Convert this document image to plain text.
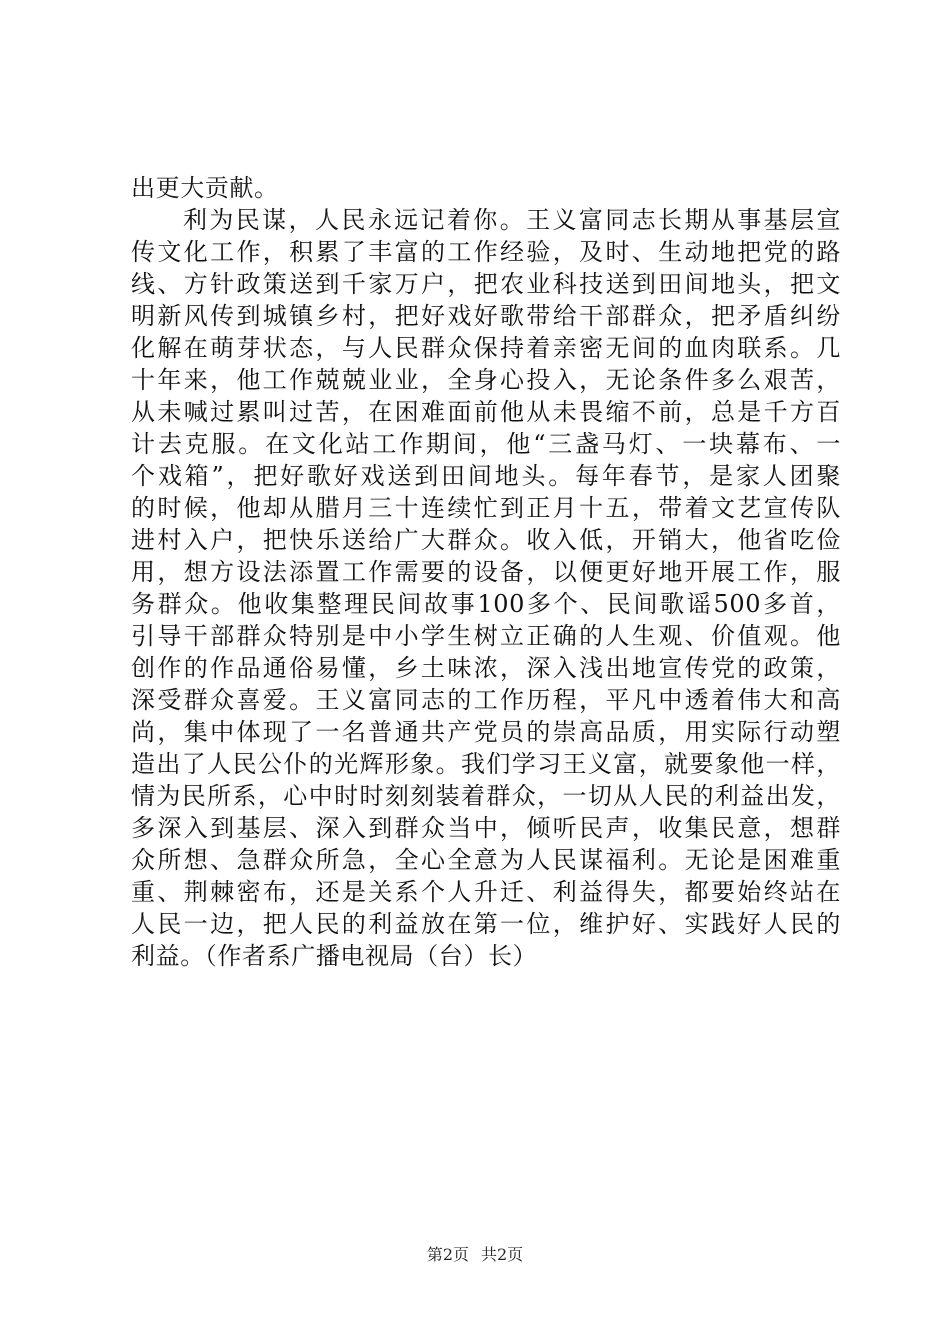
出更大贡献。
利为民谋，人民永远记着你。王义富同志长期从事基层宣
传文化工作，积累了丰富的工作经验，及时、生动地把党的路
线、方针政策送到千家万户，把农业科技送到田间地头，把文
明新风传到城镇乡村，把好戏好歌带给干部群众，把矛盾纠纷
化解在萌芽状态，与人民群众保持着亲密无间的血肉联系。几
十年来，他工作兢兢业业，全身心投入，无论条件多么艰苦，
从未喊过累叫过苦，在困难面前他从未畏缩不前，总是千方百
计去克服。在文化站工作期间，他“三盏马灯、一块幕布、一
个戏箱”，把好歌好戏送到田间地头。每年春节，是家人团聚
的时候，他却从腊月三十连续忙到正月十五，带着文艺宣传队
进村入户，把快乐送给广大群众。收入低，开销大，他省吃俭
用，想方设法添置工作需要的设备，以便更好地开展工作，服
务群众。他收集整理民间故事100多个、民间歌谣500多首，
引导干部群众特别是中小学生树立正确的人生观、价值观。他
创作的作品通俗易懂，乡土味浓，深入浅出地宣传党的政策，
深受群众喜爱。王义富同志的工作历程，平凡中透着伟大和高
尚，集中体现了一名普通共产党员的崇高品质，用实际行动塑
造出了人民公仆的光辉形象。我们学习王义富，就要象他一样，
情为民所系，心中时时刻刻装着群众，一切从人民的利益出发，
多深入到基层、深入到群众当中，倾听民声，收集民意，想群
众所想、急群众所急，全心全意为人民谋福利。无论是困难重
重、荆棘密布，还是关系个人升迁、利益得失，都要始终站在
人民一边，把人民的利益放在第一位，维护好、实践好人民的
利益。（作者系广播电视局（台）长）
第2页 共2页
